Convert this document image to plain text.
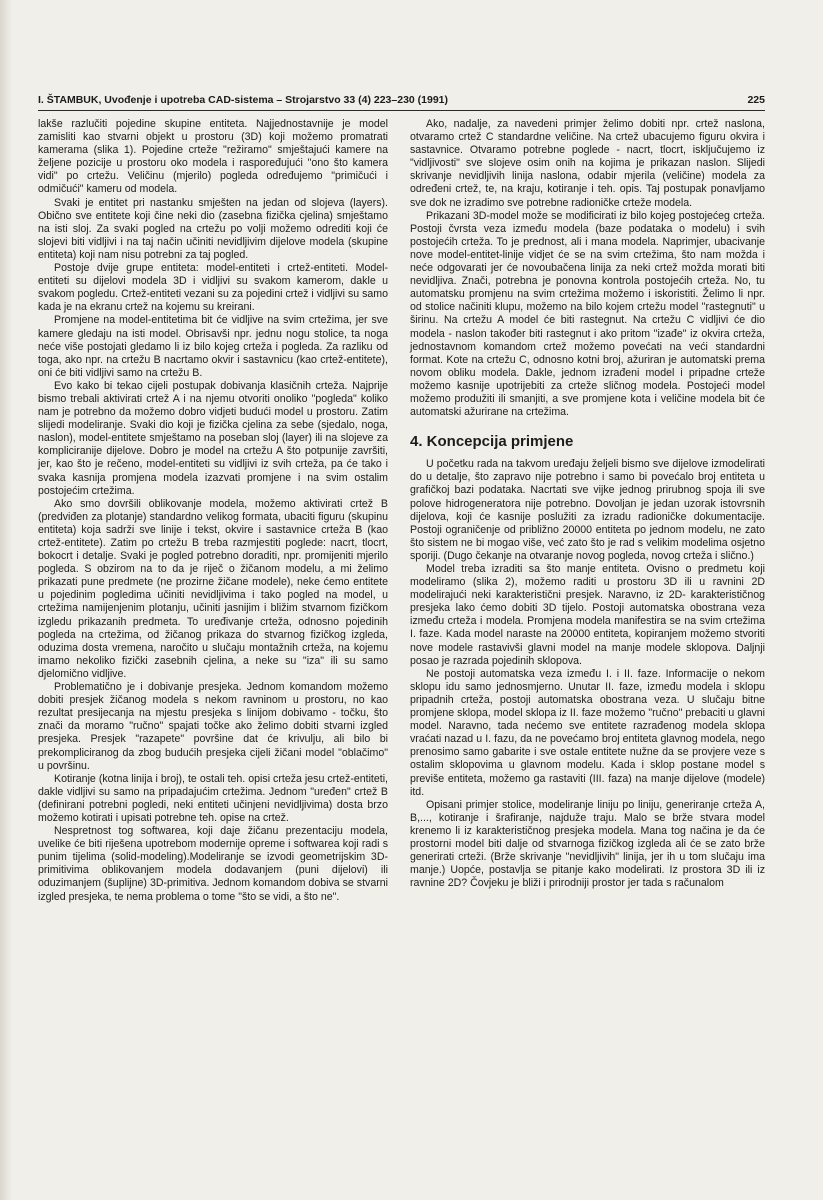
I. ŠTAMBUK, Uvođenje i upotreba CAD-sistema – Strojarstvo 33 (4) 223–230 (1991)	225

lakše razlučiti pojedine skupine entiteta. Najjednostavnije je model zamisliti kao stvarni objekt u prostoru (3D) koji možemo promatrati kamerama (slika 1). Pojedine crteže "režiramo" smještajući kamere na željene pozicije u prostoru oko modela i raspoređujući "ono što kamera vidi" po crtežu. Veličinu (mjerilo) pogleda određujemo "primičući i odmičući" kameru od modela.

Svaki je entitet pri nastanku smješten na jedan od slojeva (layers). Obično sve entitete koji čine neki dio (zasebna fizička cjelina) smještamo na isti sloj. Za svaki pogled na crtežu po volji možemo odrediti koji će slojevi biti vidljivi i na taj način učiniti nevidljivim dijelove modela (skupine entiteta) koji nam nisu potrebni za taj pogled.

Postoje dvije grupe entiteta: model-entiteti i crtež-entiteti. Model- entiteti su dijelovi modela 3D i vidljivi su svakom kamerom, dakle u svakom pogledu. Crtež-entiteti vezani su za pojedini crtež i vidljivi su samo kada je na ekranu crtež na kojemu su kreirani.

Promjene na model-entitetima bit će vidljive na svim crtežima, jer sve kamere gledaju na isti model. Obrisavši npr. jednu nogu stolice, ta noga neće više postojati gledamo li iz bilo kojeg crteža i pogleda. Za razliku od toga, ako npr. na crtežu B nacrtamo okvir i sastavnicu (kao crtež-entitete), oni će biti vidljivi samo na crtežu B.

Evo kako bi tekao cijeli postupak dobivanja klasičnih crteža. Najprije bismo trebali aktivirati crtež A i na njemu otvoriti onoliko "pogleda" koliko nam je potrebno da možemo dobro vidjeti budući model u prostoru. Zatim slijedi modeliranje. Svaki dio koji je fizička cjelina za sebe (sjedalo, noga, naslon), model-entitete smještamo na poseban sloj (layer) ili na slojeve za kompliciranije dijelove. Dobro je model na crtežu A što potpunije završiti, jer, kao što je rečeno, model-entiteti su vidljivi iz svih crteža, pa će tako i svaka kasnija promjena modela izazvati promjene i na svim ostalim postojećim crtežima.

Ako smo dovršili oblikovanje modela, možemo aktivirati crtež B (predviđen za plotanje) standardno velikog formata, ubaciti figuru (skupinu entiteta) koja sadrži sve linije i tekst, okvire i sastavnice crteža B (kao crtež-entitete). Zatim po crtežu B treba razmjestiti poglede: nacrt, tlocrt, bokocrt i detalje. Svaki je pogled potrebno doraditi, npr. promijeniti mjerilo pogleda. S obzirom na to da je riječ o žičanom modelu, a mi želimo prikazati pune predmete (ne prozirne žičane modele), neke ćemo entitete u pojedinim pogledima učiniti nevidljivima i tako pogled na model, u crtežima namijenjenim plotanju, učiniti jasnijim i bližim stvarnom fizičkom izgledu prikazanih predmeta. To uređivanje crteža, odnosno pojedinih pogleda na crtežima, od žičanog prikaza do stvarnog fizičkog izgleda, oduzima dosta vremena, naročito u slučaju montažnih crteža, na kojemu imamo nekoliko fizički zasebnih cjelina, a neke su "iza" ili su samo djelomično vidljive.

Problematično je i dobivanje presjeka. Jednom komandom možemo dobiti presjek žičanog modela s nekom ravninom u prostoru, no kao rezultat presijecanja na mjestu presjeka s linijom dobivamo - točku, što znači da moramo "ručno" spajati točke ako želimo dobiti stvarni izgled presjeka. Presjek "razapete" površine dat će krivulju, ali bilo bi prekompliciranog da zbog budućih presjeka cijeli žičani model "oblačimo" u površinu.

Kotiranje (kotna linija i broj), te ostali teh. opisi crteža jesu crtež-entiteti, dakle vidljivi su samo na pripadajućim crtežima. Jednom "uređen" crtež B (definirani potrebni pogledi, neki entiteti učinjeni nevidljivima) dosta brzo možemo kotirati i upisati potrebne teh. opise na crtež.

Nespretnost tog softwarea, koji daje žičanu prezentaciju modela, uvelike će biti riješena upotrebom modernije opreme i softwarea koji radi s punim tijelima (solid-modeling).Modeliranje se izvodi geometrijskim 3D-primitivima oblikovanjem modela dodavanjem (puni dijelovi) ili oduzimanjem (šuplijne) 3D-primitiva. Jednom komandom dobiva se stvarni izgled presjeka, te nema problema o tome "što se vidi, a što ne".

Ako, nadalje, za navedeni primjer želimo dobiti npr. crtež naslona, otvaramo crtež C standardne veličine. Na crtež ubacujemo figuru okvira i sastavnice. Otvaramo potrebne poglede - nacrt, tlocrt, isključujemo iz "vidljivosti" sve slojeve osim onih na kojima je prikazan naslon. Slijedi skrivanje nevidljivih linija naslona, odabir mjerila (veličine) modela za određeni crtež, te, na kraju, kotiranje i teh. opis. Taj postupak ponavljamo sve dok ne izradimo sve potrebne radioničke crteže modela.

Prikazani 3D-model može se modificirati iz bilo kojeg postojećeg crteža. Postoji čvrsta veza između modela (baze podataka o modelu) i svih postojećih crteža. To je prednost, ali i mana modela. Naprimjer, ubacivanje nove model-entitet-linije vidjet će se na svim crtežima, što nam možda i neće odgovarati jer će novoubačena linija za neki crtež možda morati biti nevidljiva. Znači, potrebna je ponovna kontrola postojećih crteža. No, tu automatsku promjenu na svim crtežima možemo i iskoristiti. Želimo li npr. od stolice načiniti klupu, možemo na bilo kojem crtežu model "rastegnuti" u širinu. Na crtežu A model će biti rastegnut. Na crtežu C vidljivi će dio modela - naslon također biti rastegnut i ako pritom "izađe" iz okvira crteža, jednostavnom komandom crtež možemo povećati na veći standardni format. Kote na crtežu C, odnosno kotni broj, ažuriran je automatski prema novom obliku modela. Dakle, jednom izrađeni model i pripadne crteže možemo kasnije upotrijebiti za crteže sličnog modela. Postojeći model možemo produžiti ili smanjiti, a sve promjene kota i veličine modela bit će automatski ažurirane na crtežima.

4. Koncepcija primjene

U početku rada na takvom uređaju željeli bismo sve dijelove izmodelirati do u detalje, što zapravo nije potrebno i samo bi povećalo broj entiteta u grafičkoj bazi podataka. Nacrtati sve vijke jednog prirubnog spoja ili sve polove hidrogeneratora nije potrebno. Dovoljan je jedan uzorak istovrsnih dijelova, koji će kasnije poslužiti za izradu radioničke dokumentacije. Postoji ograničenje od približno 20000 entiteta po jednom modelu, ne zato što sistem ne bi mogao više, već zato što je rad s velikim modelima osjetno sporiji. (Dugo čekanje na otvaranje novog pogleda, novog crteža i slično.)

Model treba izraditi sa što manje entiteta. Ovisno o predmetu koji modeliramo (slika 2), možemo raditi u prostoru 3D ili u ravnini 2D modelirajući neki karakteristični presjek. Naravno, iz 2D- karakterističnog presjeka lako ćemo dobiti 3D tijelo. Postoji automatska obostrana veza između crteža i modela. Promjena modela manifestira se na svim crtežima I. faze. Kada model naraste na 20000 entiteta, kopiranjem možemo stvoriti nove modele rastavivši glavni model na manje modele sklopova. Daljnji posao je razrada pojedinih sklopova.

Ne postoji automatska veza između I. i II. faze. Informacije o nekom sklopu idu samo jednosmjerno. Unutar II. faze, između modela i sklopu pripadnih crteža, postoji automatska obostrana veza. U slučaju bitne promjene sklopa, model sklopa iz II. faze možemo "ručno" prebaciti u glavni model. Naravno, tada nećemo sve entitete razrađenog modela sklopa vraćati nazad u I. fazu, da ne povećamo broj entiteta glavnog modela, nego prenosimo samo gabarite i sve ostale entitete nužne da se provjere veze s ostalim sklopovima u glavnom modelu. Kada i sklop postane model s previše entiteta, možemo ga rastaviti (III. faza) na manje dijelove (modele) itd.

Opisani primjer stolice, modeliranje liniju po liniju, generiranje crteža A, B,..., kotiranje i šrafiranje, najduže traju. Malo se brže stvara model krenemo li iz karakterističnog presjeka modela. Mana tog načina je da će prostorni model biti dalje od stvarnoga fizičkog izgleda ali će se zato brže generirati crteži. (Brže skrivanje "nevidljivih" linija, jer ih u tom slučaju ima manje.) Uopće, postavlja se pitanje kako modelirati. Iz prostora 3D ili iz ravnine 2D? Čovjeku je bliži i prirodniji prostor jer tada s računalom
